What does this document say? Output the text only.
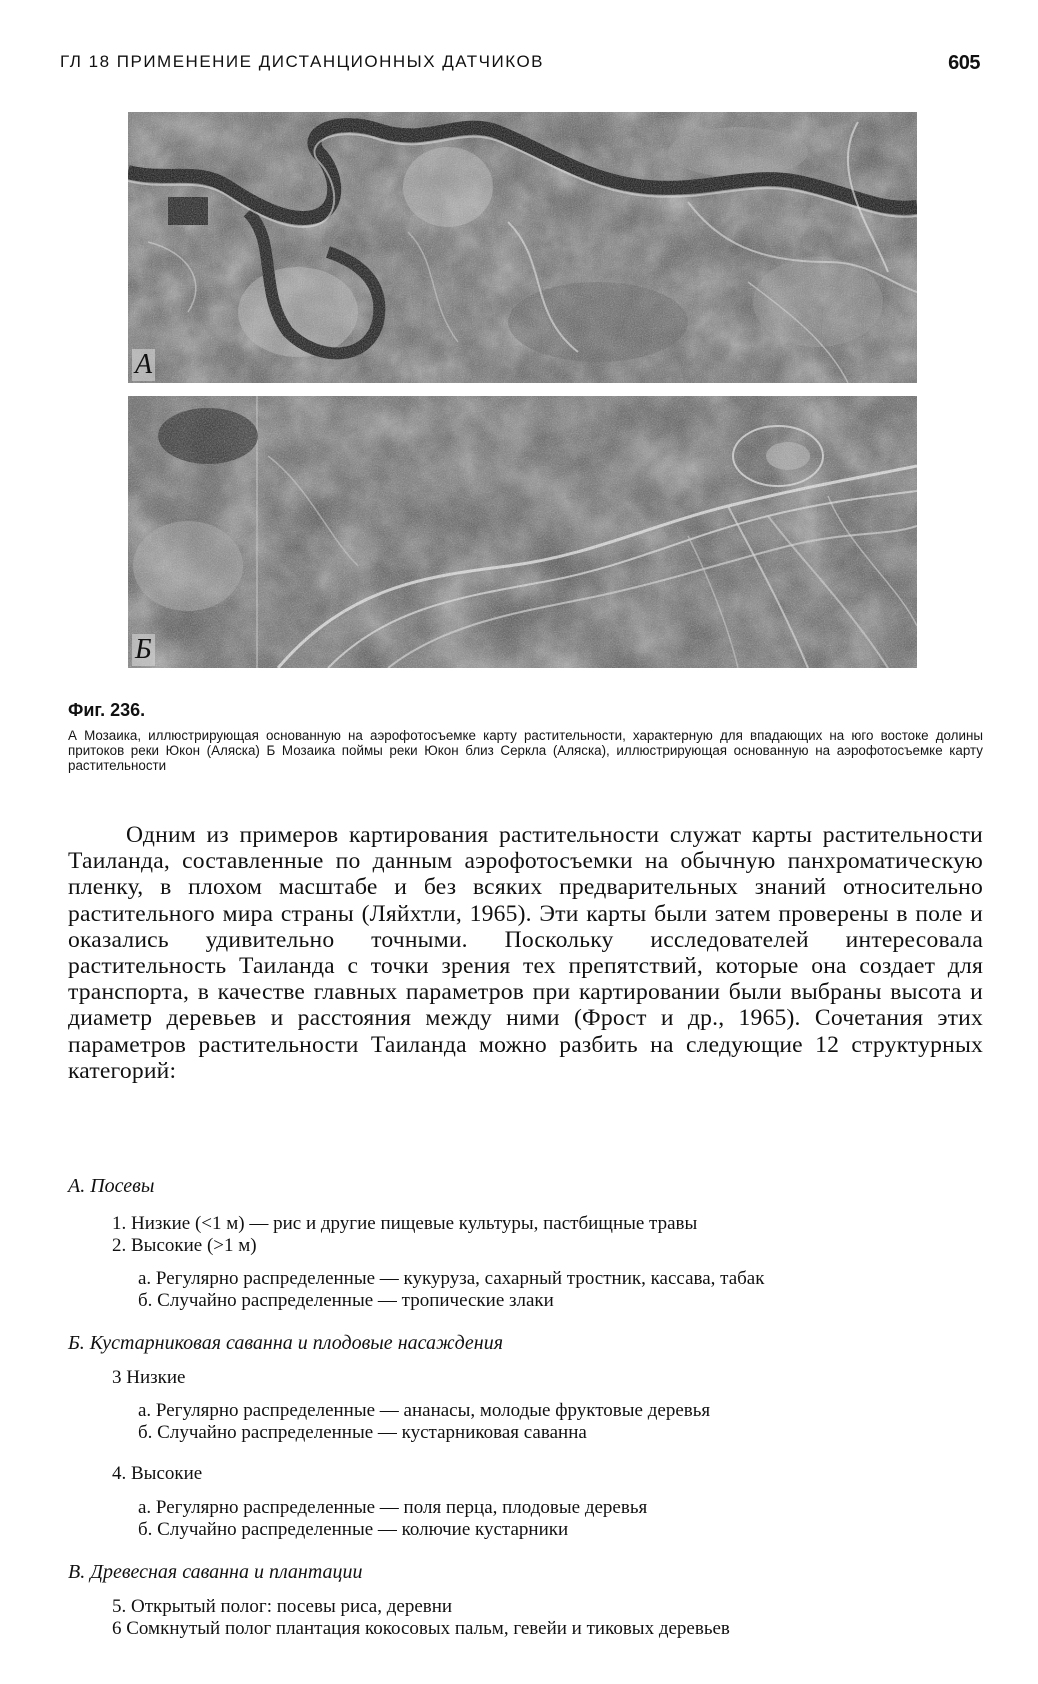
ГЛ 18 ПРИМЕНЕНИЕ ДИСТАНЦИОННЫХ ДАТЧИКОВ	605
А
Б
Фиг. 236.
А Мозаика, иллюстрирующая основанную на аэрофотосъемке карту растительности, характерную для впадающих на юго востоке долины притоков реки Юкон (Аляска) Б Мозаика поймы реки Юкон близ Серкла (Аляска), иллюстрирующая основанную на аэрофотосъемке карту растительности
Одним из примеров картирования растительности служат карты растительности Таиланда, составленные по данным аэрофотосъемки на обычную панхроматическую пленку, в плохом масштабе и без всяких предварительных знаний относительно растительного мира страны (Ляйхтли, 1965). Эти карты были затем проверены в поле и оказались удивительно точными. Поскольку исследователей интересовала растительность Таиланда с точки зрения тех препятствий, которые она создает для транспорта, в качестве главных параметров при картировании были выбраны высота и диаметр деревьев и расстояния между ними (Фрост и др., 1965). Сочетания этих параметров растительности Таиланда можно разбить на следующие 12 структурных категорий:
А. Посевы
1. Низкие (<1 м) — рис и другие пищевые культуры, пастбищные травы
2. Высокие (>1 м)
а. Регулярно распределенные — кукуруза, сахарный тростник, кассава, табак
б. Случайно распределенные — тропические злаки
Б. Кустарниковая саванна и плодовые насаждения
3 Низкие
а. Регулярно распределенные — ананасы, молодые фруктовые деревья
б. Случайно распределенные — кустарниковая саванна
4. Высокие
а. Регулярно распределенные — поля перца, плодовые деревья
б. Случайно распределенные — колючие кустарники
В. Древесная саванна и плантации
5. Открытый полог: посевы риса, деревни
6 Сомкнутый полог плантация кокосовых пальм, гевейи и тиковых деревьев
